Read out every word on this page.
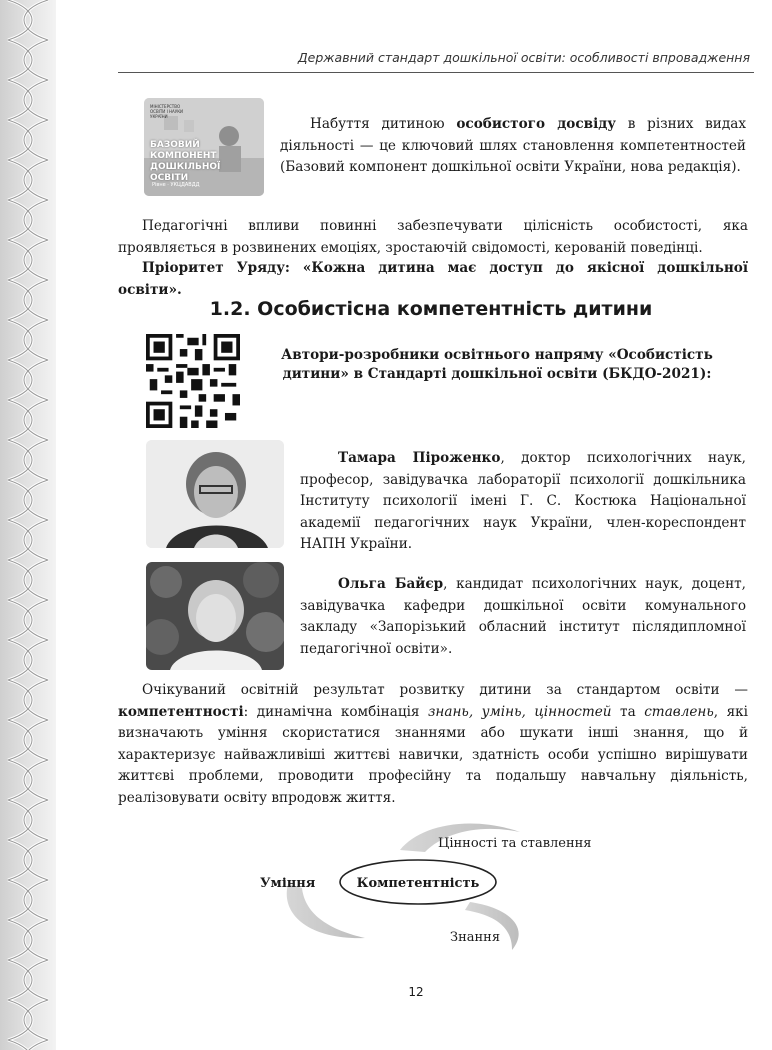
Державний стандарт дошкільної освіти: особливості впровадження
МІНІСТЕРСТВО ОСВІТИ І НАУКИ УКРАЇНИ
БАЗОВИЙ КОМПОНЕНТ
ДОШКІЛЬНОЇ ОСВІТИ
Рівне · УКЦДАВДД
Набуття дитиною особистого досвіду в різних видах діяльності — це ключовий шлях становлення компетентностей (Базовий компонент дошкільної освіти України, нова редакція).
Педагогічні впливи повинні забезпечувати цілісність особистості, яка проявляється в розвинених емоціях, зростаючій свідомості, керованій поведінці.
Пріоритет Уряду: «Кожна дитина має доступ до якісної дошкільної освіти».
1.2. Особистісна компетентність дитини
Автори-розробники освітнього напряму «Особистість дитини» в Стандарті дошкільної освіти (БКДО-2021):
Тамара Піроженко, доктор психологічних наук, професор, завідувачка лабораторії психології дошкільника Інституту психології імені Г. С. Костюка Національної академії педагогічних наук України, член-кореспондент НАПН України.
Ольга Байєр, кандидат психологічних наук, доцент, завідувачка кафедри дошкільної освіти комунального закладу «Запорізький обласний інститут післядипломної педагогічної освіти».
Очікуваний освітній результат розвитку дитини за стандартом освіти — компетентності: динамічна комбінація знань, умінь, цінностей та ставлень, які визначають уміння скористатися знаннями або шукати інші знання, що й характеризує найважливіші життєві навички, здатність особи успішно вирішувати життєві проблеми, проводити професійну та подальшу навчальну діяльність, реалізовувати освіту впродовж життя.
Компетентність
Уміння
Цінності та ставлення
Знання
12
